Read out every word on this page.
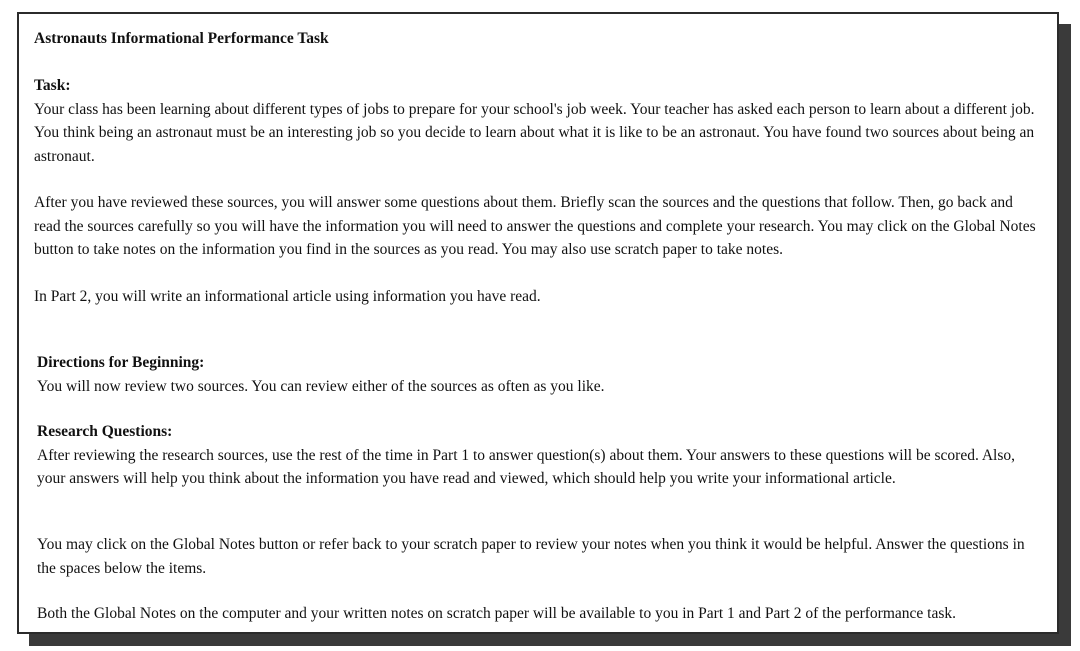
Astronauts Informational Performance Task
Task:

Your class has been learning about different types of jobs to prepare for your school's job week. Your teacher has asked each person to learn about a different job. You think being an astronaut must be an interesting job so you decide to learn about what it is like to be an astronaut. You have found two sources about being an astronaut.

After you have reviewed these sources, you will answer some questions about them. Briefly scan the sources and the questions that follow. Then, go back and read the sources carefully so you will have the information you will need to answer the questions and complete your research. You may click on the Global Notes button to take notes on the information you find in the sources as you read. You may also use scratch paper to take notes.

In Part 2, you will write an informational article using information you have read.

Directions for Beginning:

You will now review two sources. You can review either of the sources as often as you like.

Research Questions:

After reviewing the research sources, use the rest of the time in Part 1 to answer question(s) about them. Your answers to these questions will be scored. Also, your answers will help you think about the information you have read and viewed, which should help you write your informational article.

You may click on the Global Notes button or refer back to your scratch paper to review your notes when you think it would be helpful. Answer the questions in the spaces below the items.

Both the Global Notes on the computer and your written notes on scratch paper will be available to you in Part 1 and Part 2 of the performance task.
